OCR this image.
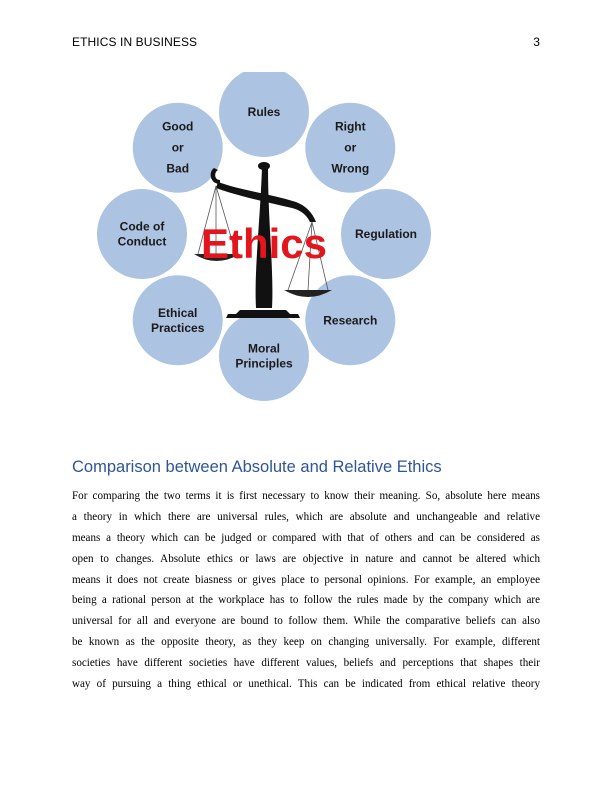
ETHICS IN BUSINESS	3
Rules
Right
or
Wrong
Regulation
Research
Moral
Principles
Ethical
Practices
Code of
Conduct
Good
or
Bad
Ethics
Comparison between Absolute and Relative Ethics
For comparing the two terms it is first necessary to know their meaning. So, absolute here means
a theory in which there are universal rules, which are absolute and unchangeable and relative
means a theory which can be judged or compared with that of others and can be considered as
open to changes. Absolute ethics or laws are objective in nature and cannot be altered which
means it does not create biasness or gives place to personal opinions. For example, an employee
being a rational person at the workplace has to follow the rules made by the company which are
universal for all and everyone are bound to follow them. While the comparative beliefs can also
be known as the opposite theory, as they keep on changing universally. For example, different
societies have different societies have different values, beliefs and perceptions that shapes their
way of pursuing a thing ethical or unethical. This can be indicated from ethical relative theory
